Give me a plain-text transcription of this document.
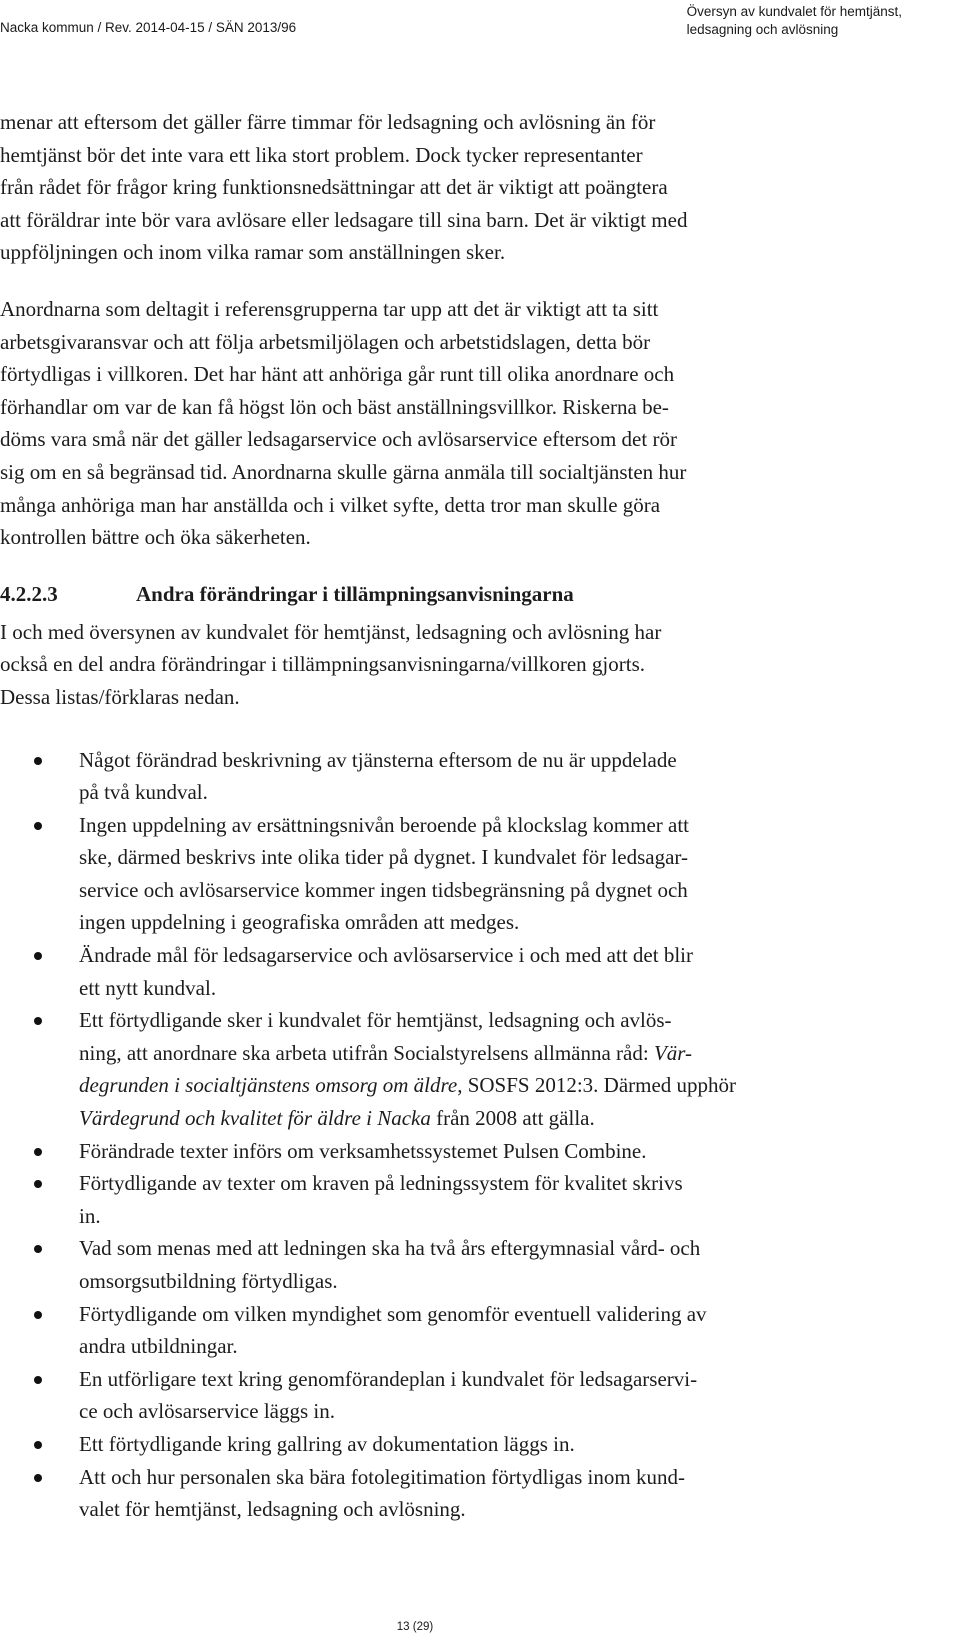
Nacka kommun / Rev. 2014-04-15 / SÄN 2013/96
Översyn av kundvalet för hemtjänst,
ledsagning och avlösning

menar att eftersom det gäller färre timmar för ledsagning och avlösning än för
hemtjänst bör det inte vara ett lika stort problem. Dock tycker representanter
från rådet för frågor kring funktionsnedsättningar att det är viktigt att poängtera
att föräldrar inte bör vara avlösare eller ledsagare till sina barn. Det är viktigt med
uppföljningen och inom vilka ramar som anställningen sker.

Anordnarna som deltagit i referensgrupperna tar upp att det är viktigt att ta sitt
arbetsgivaransvar och att följa arbetsmiljölagen och arbetstidslagen, detta bör
förtydligas i villkoren. Det har hänt att anhöriga går runt till olika anordnare och
förhandlar om var de kan få högst lön och bäst anställningsvillkor. Riskerna be-
döms vara små när det gäller ledsagarservice och avlösarservice eftersom det rör
sig om en så begränsad tid. Anordnarna skulle gärna anmäla till socialtjänsten hur
många anhöriga man har anställda och i vilket syfte, detta tror man skulle göra
kontrollen bättre och öka säkerheten.

4.2.2.3	Andra förändringar i tillämpningsanvisningarna

I och med översynen av kundvalet för hemtjänst, ledsagning och avlösning har
också en del andra förändringar i tillämpningsanvisningarna/villkoren gjorts.
Dessa listas/förklaras nedan.

Något förändrad beskrivning av tjänsterna eftersom de nu är uppdelade
på två kundval.
Ingen uppdelning av ersättningsnivån beroende på klockslag kommer att
ske, därmed beskrivs inte olika tider på dygnet. I kundvalet för ledsagar-
service och avlösarservice kommer ingen tidsbegränsning på dygnet och
ingen uppdelning i geografiska områden att medges.
Ändrade mål för ledsagarservice och avlösarservice i och med att det blir
ett nytt kundval.
Ett förtydligande sker i kundvalet för hemtjänst, ledsagning och avlös-
ning, att anordnare ska arbeta utifrån Socialstyrelsens allmänna råd: Vär-
degrunden i socialtjänstens omsorg om äldre, SOSFS 2012:3. Därmed upphör
Värdegrund och kvalitet för äldre i Nacka från 2008 att gälla.
Förändrade texter införs om verksamhetssystemet Pulsen Combine.
Förtydligande av texter om kraven på ledningssystem för kvalitet skrivs
in.
Vad som menas med att ledningen ska ha två års eftergymnasial vård- och
omsorgsutbildning förtydligas.
Förtydligande om vilken myndighet som genomför eventuell validering av
andra utbildningar.
En utförligare text kring genomförandeplan i kundvalet för ledsagarservi-
ce och avlösarservice läggs in.
Ett förtydligande kring gallring av dokumentation läggs in.
Att och hur personalen ska bära fotolegitimation förtydligas inom kund-
valet för hemtjänst, ledsagning och avlösning.
13 (29)
